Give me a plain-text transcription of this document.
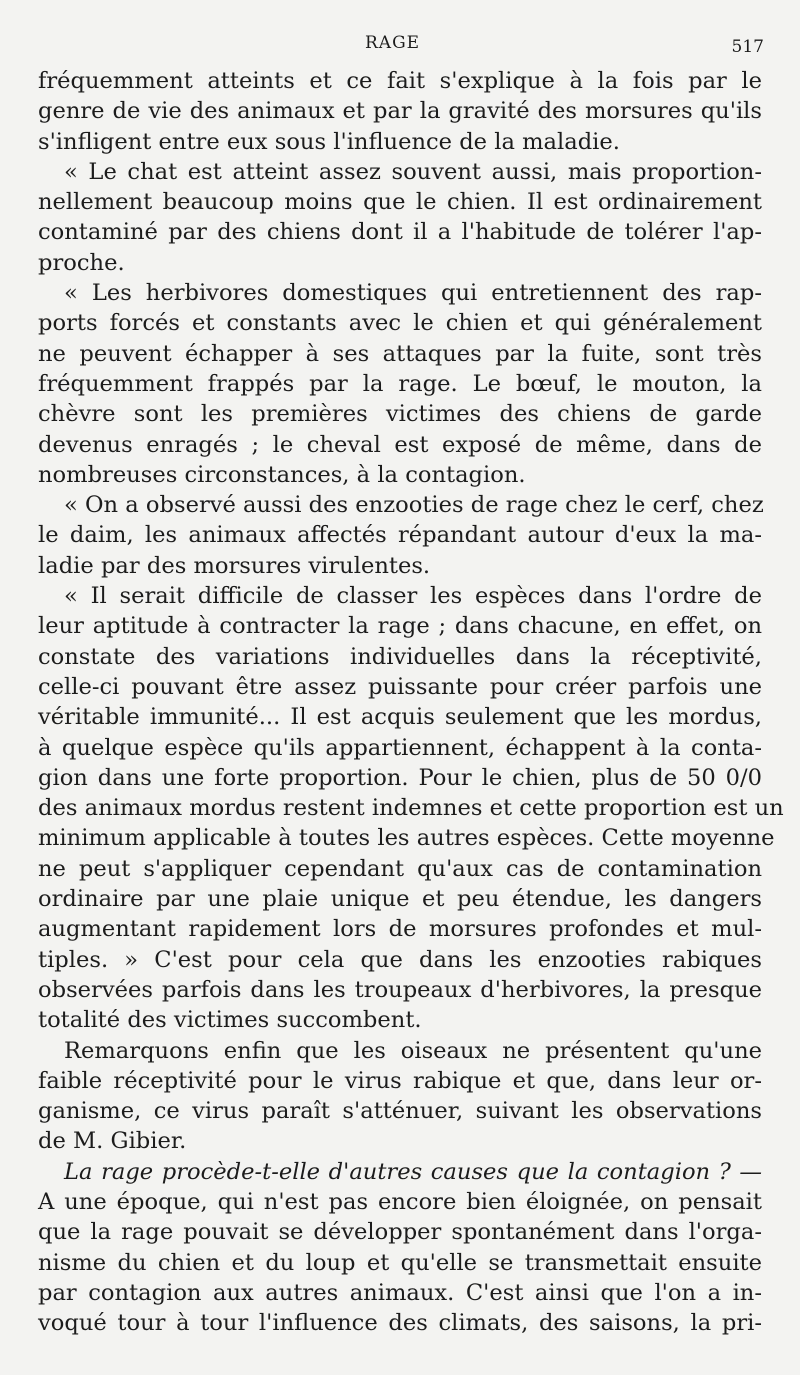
RAGE	517

fréquemment atteints et ce fait s'explique à la fois par le
genre de vie des animaux et par la gravité des morsures qu'ils
s'infligent entre eux sous l'influence de la maladie.

« Le chat est atteint assez souvent aussi, mais proportion-
nellement beaucoup moins que le chien. Il est ordinairement
contaminé par des chiens dont il a l'habitude de tolérer l'ap-
proche.

« Les herbivores domestiques qui entretiennent des rap-
ports forcés et constants avec le chien et qui généralement
ne peuvent échapper à ses attaques par la fuite, sont très
fréquemment frappés par la rage. Le bœuf, le mouton, la
chèvre sont les premières victimes des chiens de garde
devenus enragés ; le cheval est exposé de même, dans de
nombreuses circonstances, à la contagion.

« On a observé aussi des enzooties de rage chez le cerf, chez
le daim, les animaux affectés répandant autour d'eux la ma-
ladie par des morsures virulentes.

« Il serait difficile de classer les espèces dans l'ordre de
leur aptitude à contracter la rage ; dans chacune, en effet, on
constate des variations individuelles dans la réceptivité,
celle-ci pouvant être assez puissante pour créer parfois une
véritable immunité... Il est acquis seulement que les mordus,
à quelque espèce qu'ils appartiennent, échappent à la conta-
gion dans une forte proportion. Pour le chien, plus de 50 0/0
des animaux mordus restent indemnes et cette proportion est un
minimum applicable à toutes les autres espèces. Cette moyenne
ne peut s'appliquer cependant qu'aux cas de contamination
ordinaire par une plaie unique et peu étendue, les dangers
augmentant rapidement lors de morsures profondes et mul-
tiples. » C'est pour cela que dans les enzooties rabiques
observées parfois dans les troupeaux d'herbivores, la presque
totalité des victimes succombent.

Remarquons enfin que les oiseaux ne présentent qu'une
faible réceptivité pour le virus rabique et que, dans leur or-
ganisme, ce virus paraît s'atténuer, suivant les observations
de M. Gibier.

La rage procède-t-elle d'autres causes que la contagion ? —
A une époque, qui n'est pas encore bien éloignée, on pensait
que la rage pouvait se développer spontanément dans l'orga-
nisme du chien et du loup et qu'elle se transmettait ensuite
par contagion aux autres animaux. C'est ainsi que l'on a in-
voqué tour à tour l'influence des climats, des saisons, la pri-
